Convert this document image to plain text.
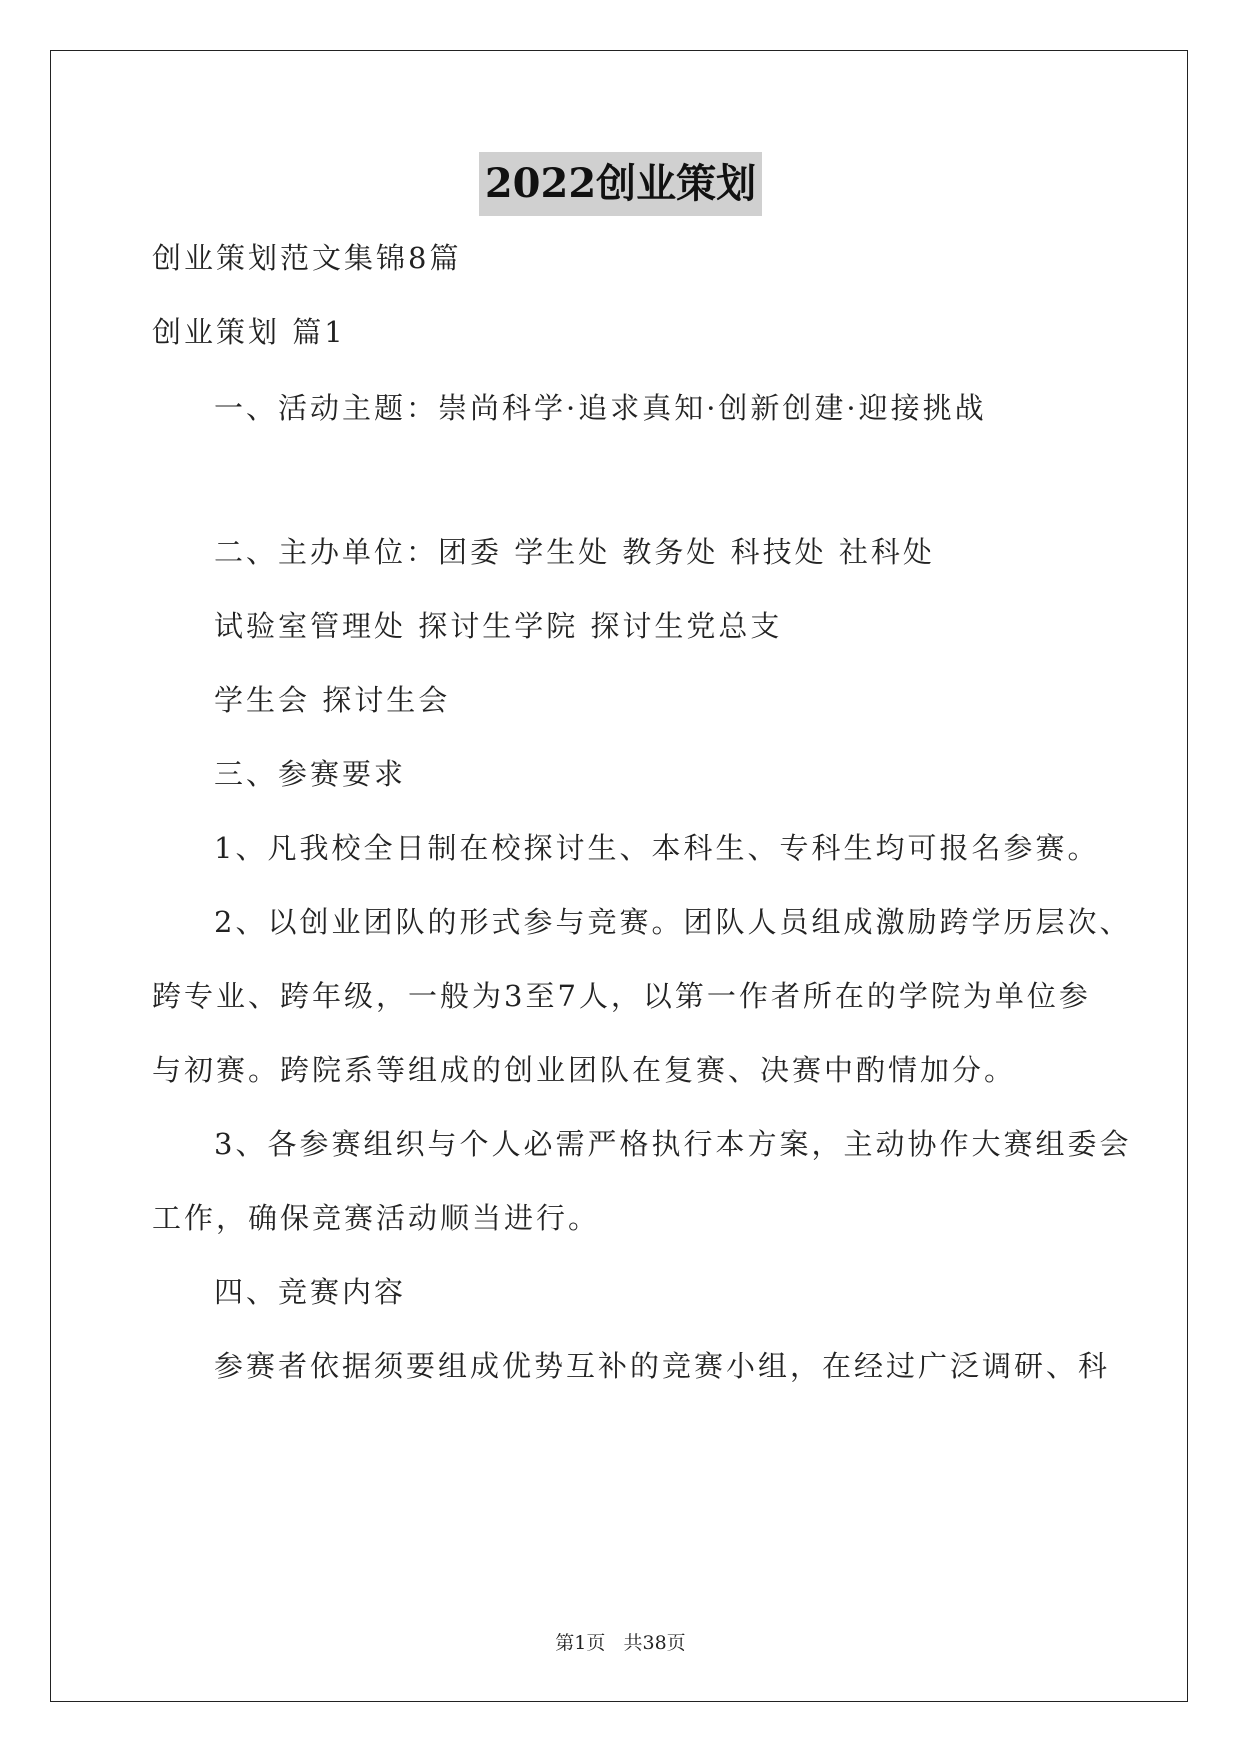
2022创业策划

创业策划范文集锦8篇

创业策划 篇1

一、活动主题：崇尚科学·追求真知·创新创建·迎接挑战

二、主办单位：团委 学生处 教务处 科技处 社科处

试验室管理处 探讨生学院 探讨生党总支

学生会 探讨生会

三、参赛要求

1、凡我校全日制在校探讨生、本科生、专科生均可报名参赛。

2、以创业团队的形式参与竞赛。团队人员组成激励跨学历层次、

跨专业、跨年级，一般为3至7人，以第一作者所在的学院为单位参

与初赛。跨院系等组成的创业团队在复赛、决赛中酌情加分。

3、各参赛组织与个人必需严格执行本方案，主动协作大赛组委会

工作，确保竞赛活动顺当进行。

四、竞赛内容

参赛者依据须要组成优势互补的竞赛小组，在经过广泛调研、科

第1页   共38页
